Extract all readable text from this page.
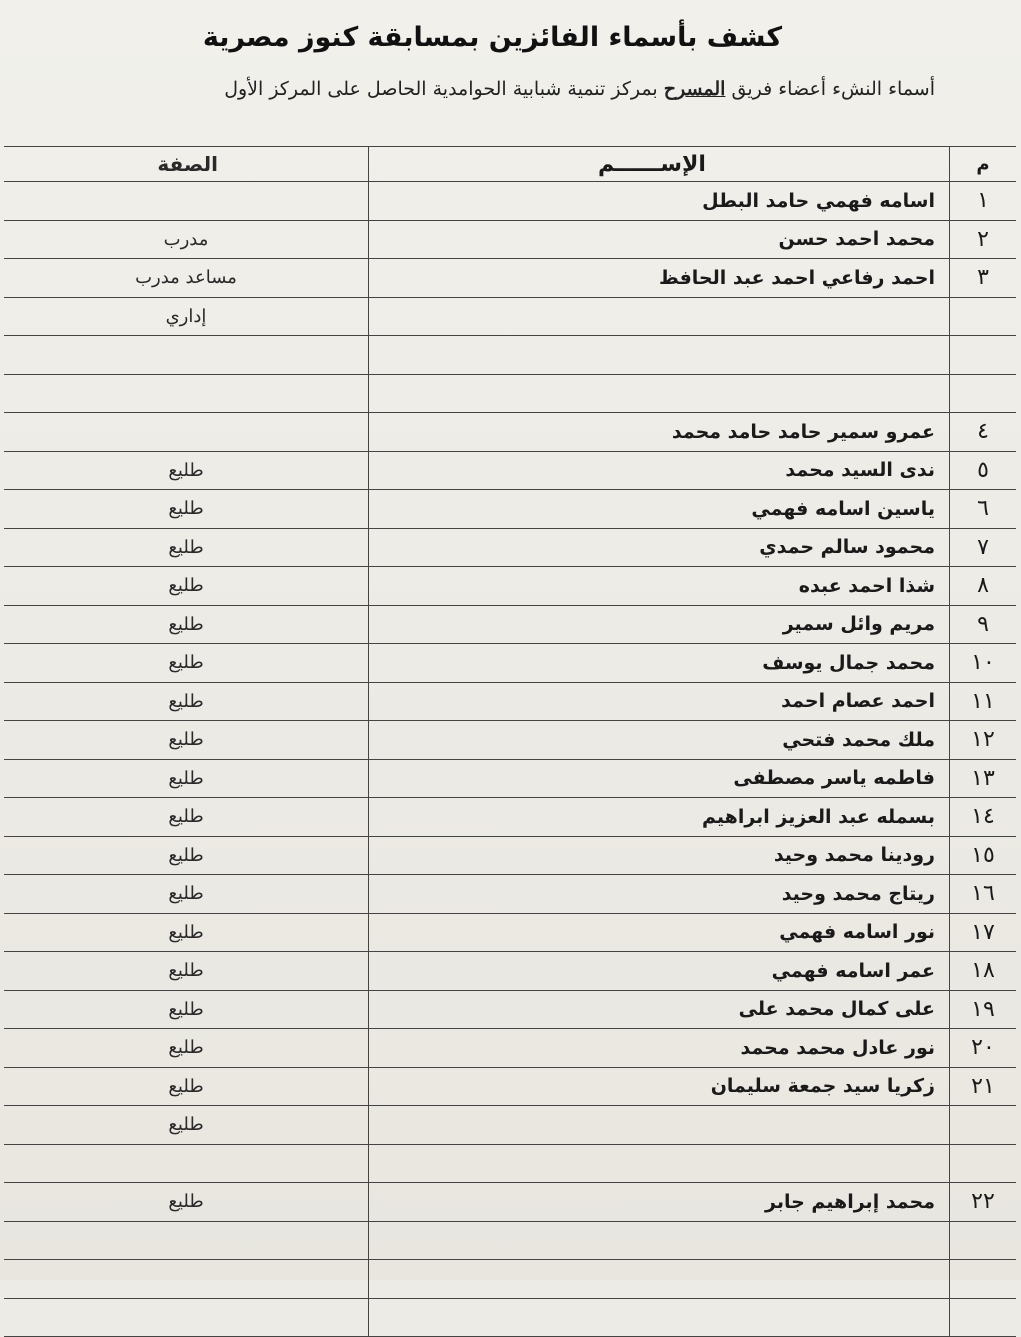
كشف بأسماء الفائزين بمسابقة كنوز مصرية
أسماء النشء أعضاء فريق المسرح بمركز تنمية شبابية الحوامدية الحاصل على المركز الأول
م	الإســــــم	الصفة
١	اسامه فهمي حامد البطل	
٢	محمد احمد حسن	مدرب
٣	احمد رفاعي احمد عبد الحافظ	مساعد مدرب
		إداري

٤	عمرو سمير حامد حامد محمد	
٥	ندى السيد محمد	طليع
٦	ياسين اسامه فهمي	طليع
٧	محمود سالم حمدي	طليع
٨	شذا احمد عبده	طليع
٩	مريم وائل سمير	طليع
١٠	محمد جمال يوسف	طليع
١١	احمد عصام احمد	طليع
١٢	ملك محمد فتحي	طليع
١٣	فاطمه ياسر مصطفى	طليع
١٤	بسمله عبد العزيز ابراهيم	طليع
١٥	رودينا محمد وحيد	طليع
١٦	ريتاج محمد وحيد	طليع
١٧	نور اسامه فهمي	طليع
١٨	عمر اسامه فهمي	طليع
١٩	على كمال محمد على	طليع
٢٠	نور عادل محمد محمد	طليع
٢١	زكريا سيد جمعة سليمان	طليع
		طليع

٢٢	محمد إبراهيم جابر	طليع
